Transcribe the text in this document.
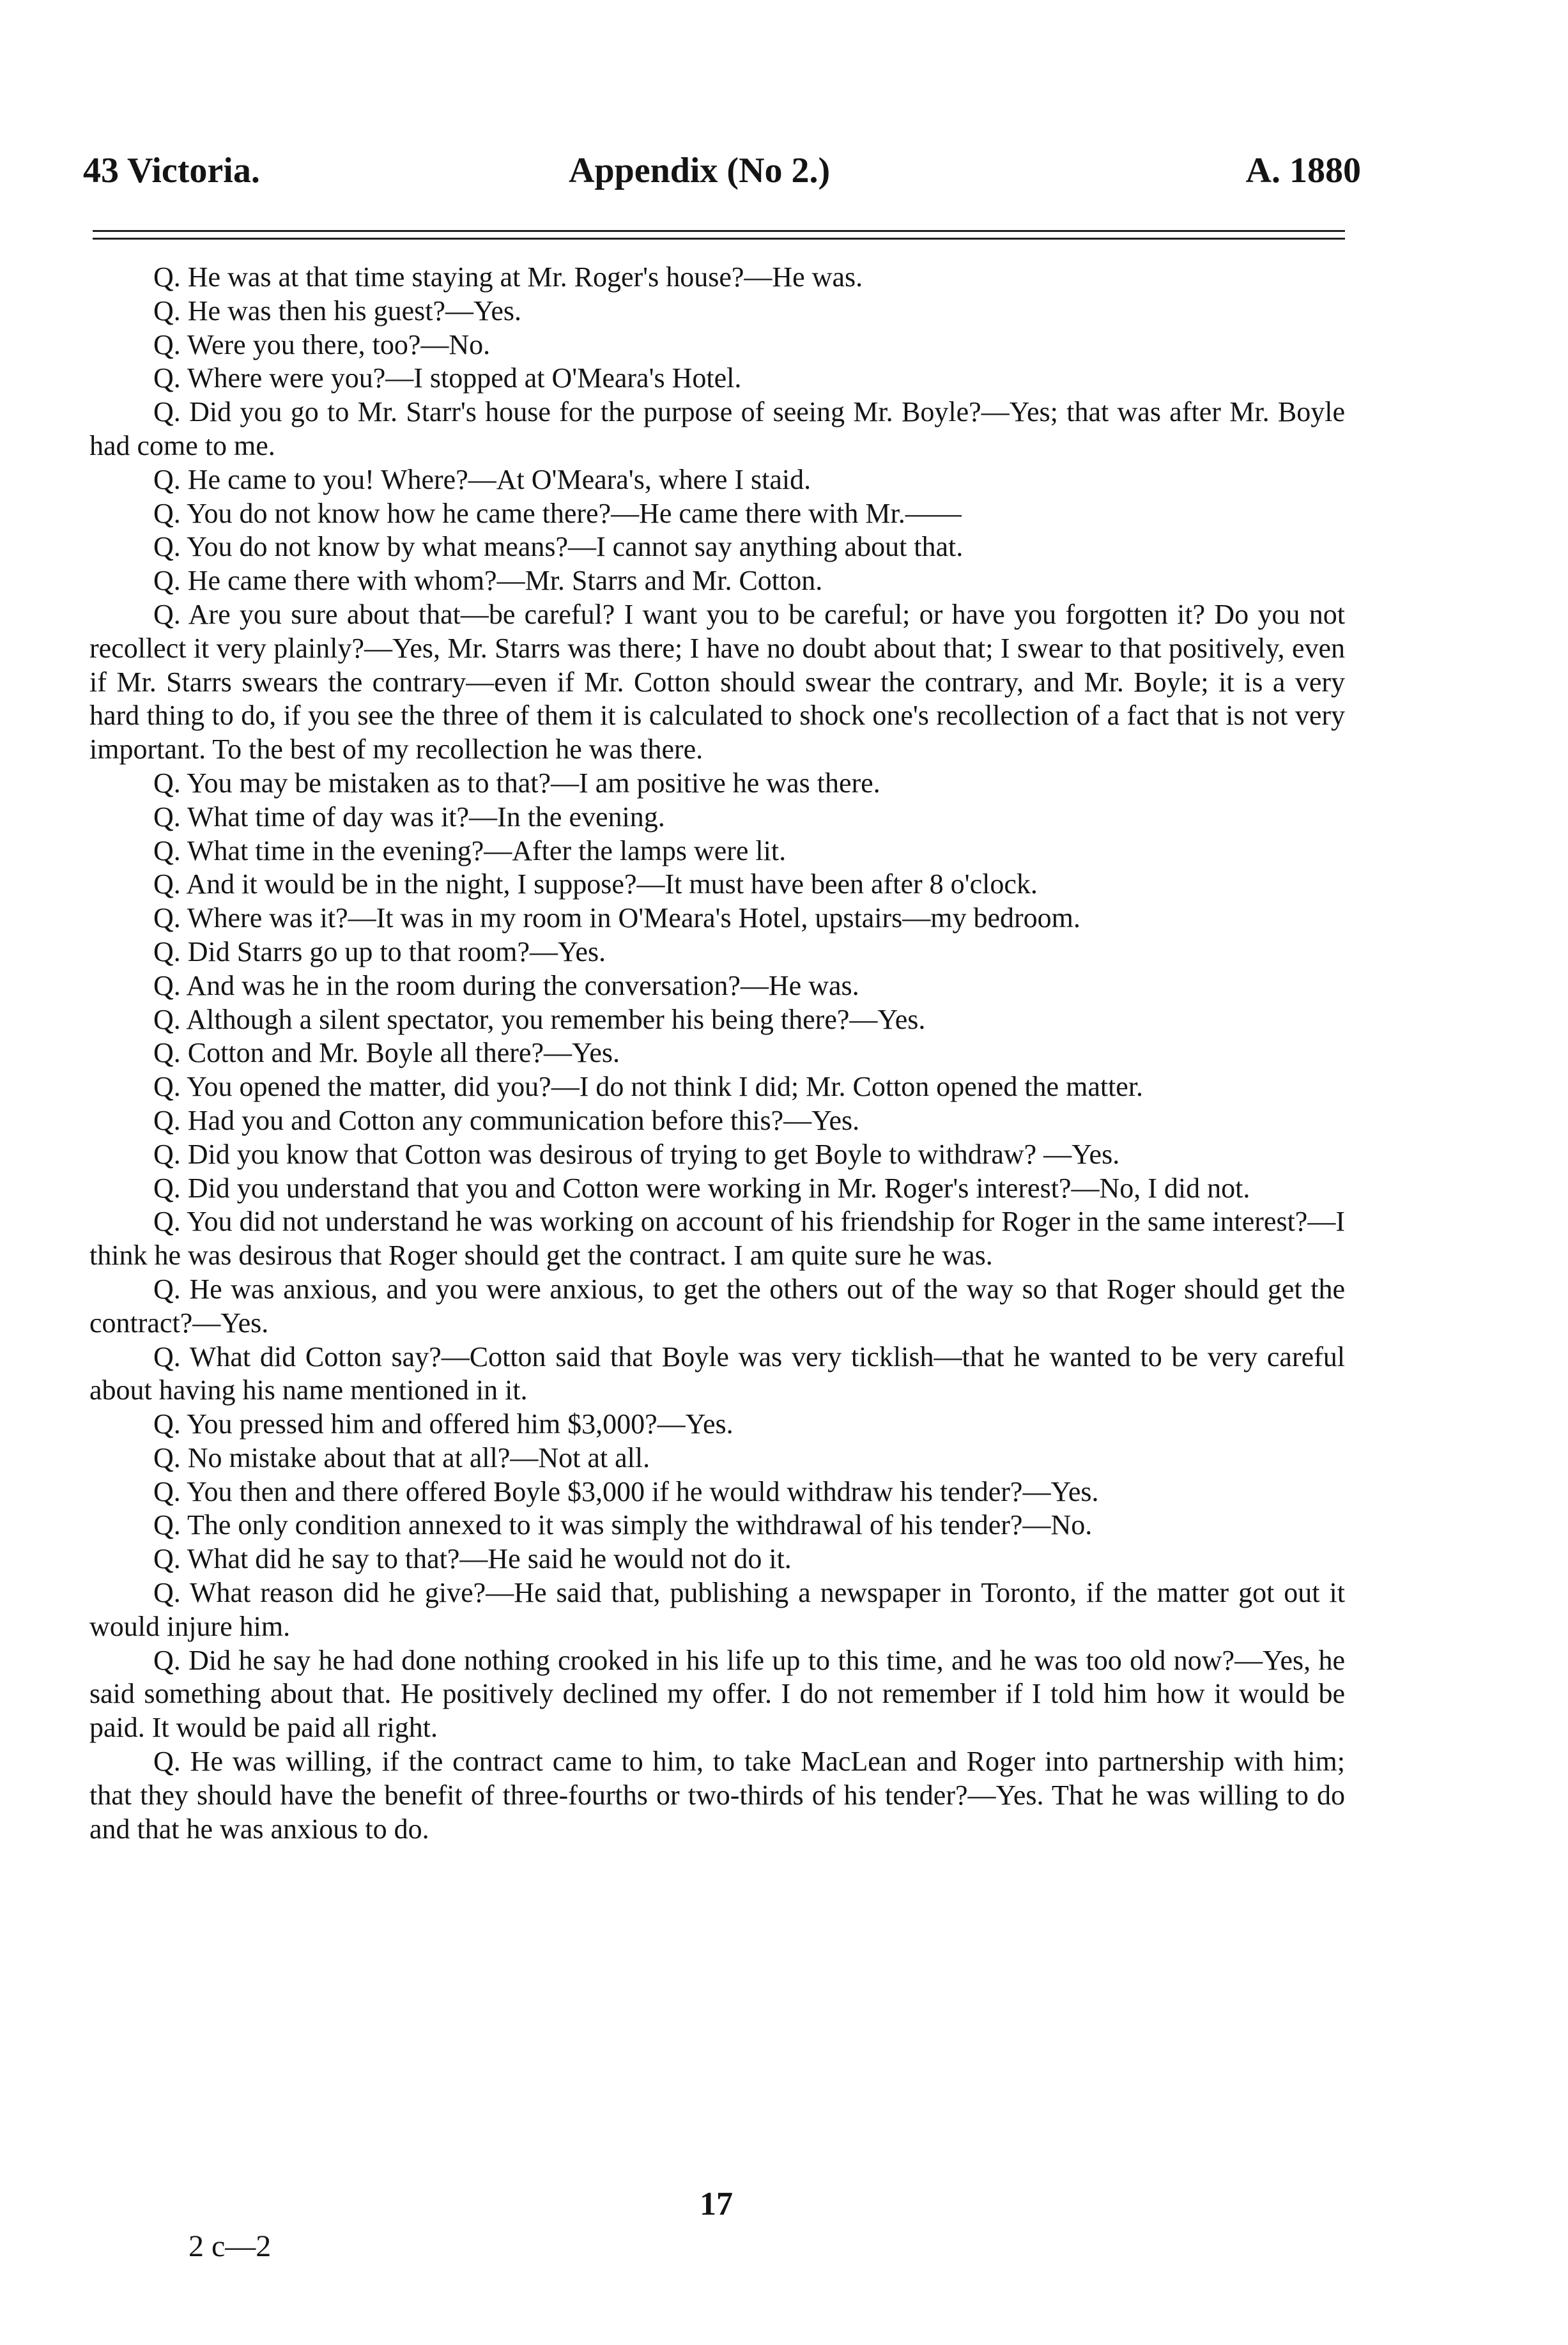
43 Victoria.	Appendix (No 2.)	A. 1880

Q. He was at that time staying at Mr. Roger's house?—He was.

Q. He was then his guest?—Yes.

Q. Were you there, too?—No.

Q. Where were you?—I stopped at O'Meara's Hotel.

Q. Did you go to Mr. Starr's house for the purpose of seeing Mr. Boyle?—Yes; that was after Mr. Boyle had come to me.

Q. He came to you! Where?—At O'Meara's, where I staid.

Q. You do not know how he came there?—He came there with Mr.——

Q. You do not know by what means?—I cannot say anything about that.

Q. He came there with whom?—Mr. Starrs and Mr. Cotton.

Q. Are you sure about that—be careful? I want you to be careful; or have you forgotten it? Do you not recollect it very plainly?—Yes, Mr. Starrs was there; I have no doubt about that; I swear to that positively, even if Mr. Starrs swears the contrary—even if Mr. Cotton should swear the contrary, and Mr. Boyle; it is a very hard thing to do, if you see the three of them it is calculated to shock one's recollection of a fact that is not very important. To the best of my recollection he was there.

Q. You may be mistaken as to that?—I am positive he was there.

Q. What time of day was it?—In the evening.

Q. What time in the evening?—After the lamps were lit.

Q. And it would be in the night, I suppose?—It must have been after 8 o'clock.

Q. Where was it?—It was in my room in O'Meara's Hotel, upstairs—my bedroom.

Q. Did Starrs go up to that room?—Yes.

Q. And was he in the room during the conversation?—He was.

Q. Although a silent spectator, you remember his being there?—Yes.

Q. Cotton and Mr. Boyle all there?—Yes.

Q. You opened the matter, did you?—I do not think I did; Mr. Cotton opened the matter.

Q. Had you and Cotton any communication before this?—Yes.

Q. Did you know that Cotton was desirous of trying to get Boyle to withdraw? —Yes.

Q. Did you understand that you and Cotton were working in Mr. Roger's interest?—No, I did not.

Q. You did not understand he was working on account of his friendship for Roger in the same interest?—I think he was desirous that Roger should get the contract. I am quite sure he was.

Q. He was anxious, and you were anxious, to get the others out of the way so that Roger should get the contract?—Yes.

Q. What did Cotton say?—Cotton said that Boyle was very ticklish—that he wanted to be very careful about having his name mentioned in it.

Q. You pressed him and offered him $3,000?—Yes.

Q. No mistake about that at all?—Not at all.

Q. You then and there offered Boyle $3,000 if he would withdraw his tender?—Yes.

Q. The only condition annexed to it was simply the withdrawal of his tender?—No.

Q. What did he say to that?—He said he would not do it.

Q. What reason did he give?—He said that, publishing a newspaper in Toronto, if the matter got out it would injure him.

Q. Did he say he had done nothing crooked in his life up to this time, and he was too old now?—Yes, he said something about that. He positively declined my offer. I do not remember if I told him how it would be paid. It would be paid all right.

Q. He was willing, if the contract came to him, to take MacLean and Roger into partnership with him; that they should have the benefit of three-fourths or two-thirds of his tender?—Yes. That he was willing to do and that he was anxious to do.

17
2 c—2
